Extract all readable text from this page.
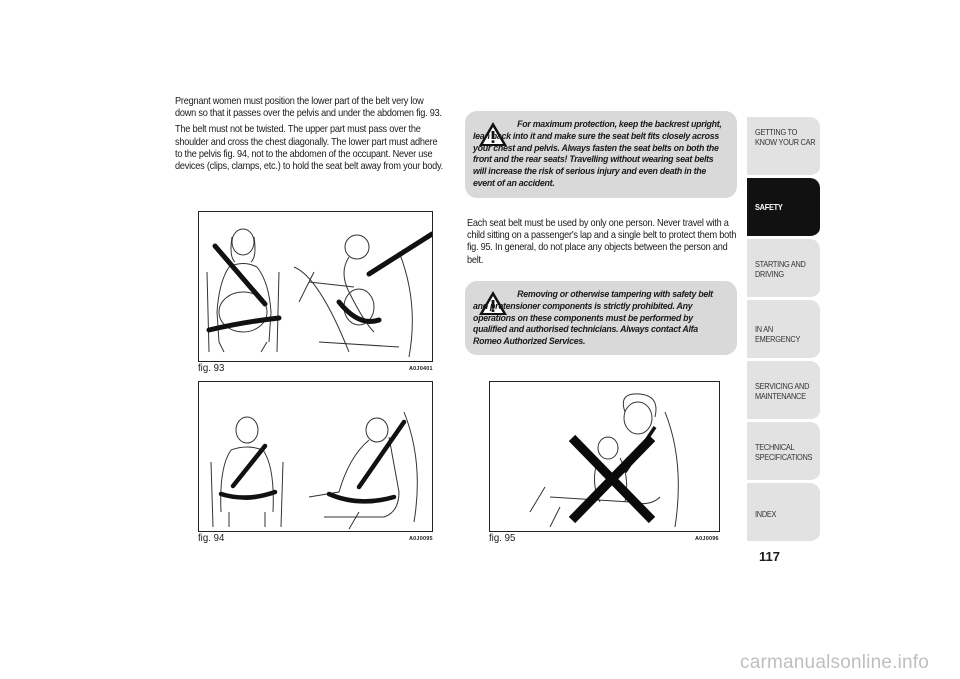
Pregnant women must position the lower part of the belt very low down so that it passes over the pelvis and under the abdomen fig. 93.

The belt must not be twisted. The upper part must pass over the shoulder and cross the chest diagonally. The lower part must adhere to the pelvis fig. 94, not to the abdomen of the occupant. Never use devices (clips, clamps, etc.) to hold the seat belt away from your body.

For maximum protection, keep the backrest upright, lean back into it and make sure the seat belt fits closely across your chest and pelvis. Always fasten the seat belts on both the front and the rear seats! Travelling without wearing seat belts will increase the risk of serious injury and even death in the event of an accident.

Each seat belt must be used by only one person. Never travel with a child sitting on a passenger's lap and a single belt to protect them both fig. 95. In general, do not place any objects between the person and belt.

Removing or otherwise tampering with safety belt and pretensioner components is strictly prohibited. Any operations on these components must be performed by qualified and authorised technicians. Always contact Alfa Romeo Authorized Services.

fig. 93	A0J0401
fig. 94	A0J0095	fig. 95	A0J0096
GETTING TO KNOW YOUR CAR
SAFETY
STARTING AND DRIVING
IN AN EMERGENCY
SERVICING AND MAINTENANCE
TECHNICAL SPECIFICATIONS
INDEX
117
carmanualsonline.info
